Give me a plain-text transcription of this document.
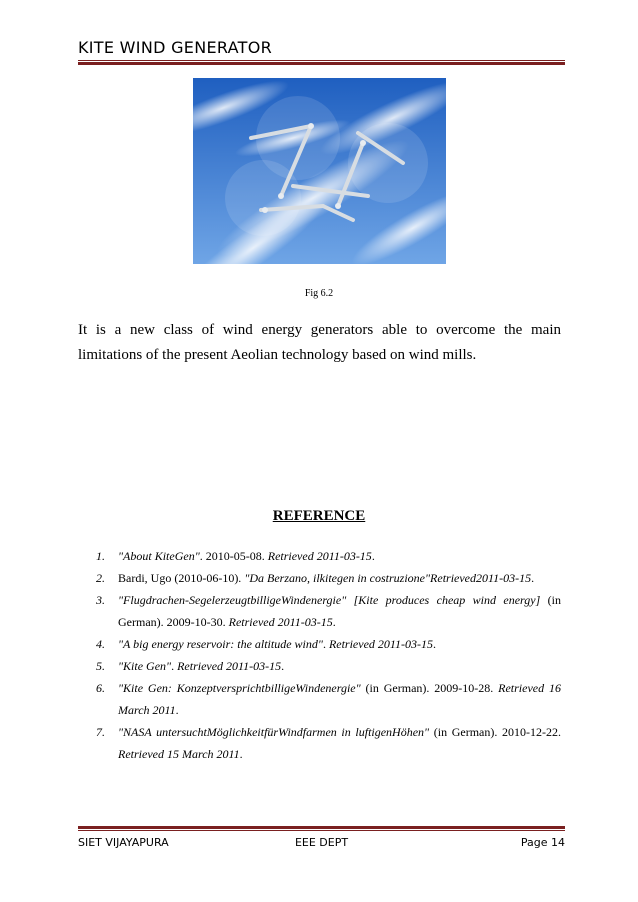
KITE WIND GENERATOR
Fig 6.2
It is a new class of wind energy generators able to overcome the main limitations of the present Aeolian technology based on wind mills.
REFERENCE
1. "About KiteGen". 2010-05-08. Retrieved 2011-03-15.
2. Bardi, Ugo (2010-06-10). "Da Berzano, ilkitegen in costruzione"Retrieved2011-03-15.
3. "Flugdrachen-SegelerzeugtbilligeWindenergie" [Kite produces cheap wind energy] (in German). 2009-10-30. Retrieved 2011-03-15.
4. "A big energy reservoir: the altitude wind". Retrieved 2011-03-15.
5. "Kite Gen". Retrieved 2011-03-15.
6. "Kite Gen: KonzeptversprichtbilligeWindenergie" (in German). 2009-10-28. Retrieved 16 March 2011.
7. "NASA untersuchtMöglichkeitfürWindfarmen in luftigenHöhen" (in German). 2010-12-22. Retrieved 15 March 2011.
SIET VIJAYAPURA	EEE DEPT	Page 14
